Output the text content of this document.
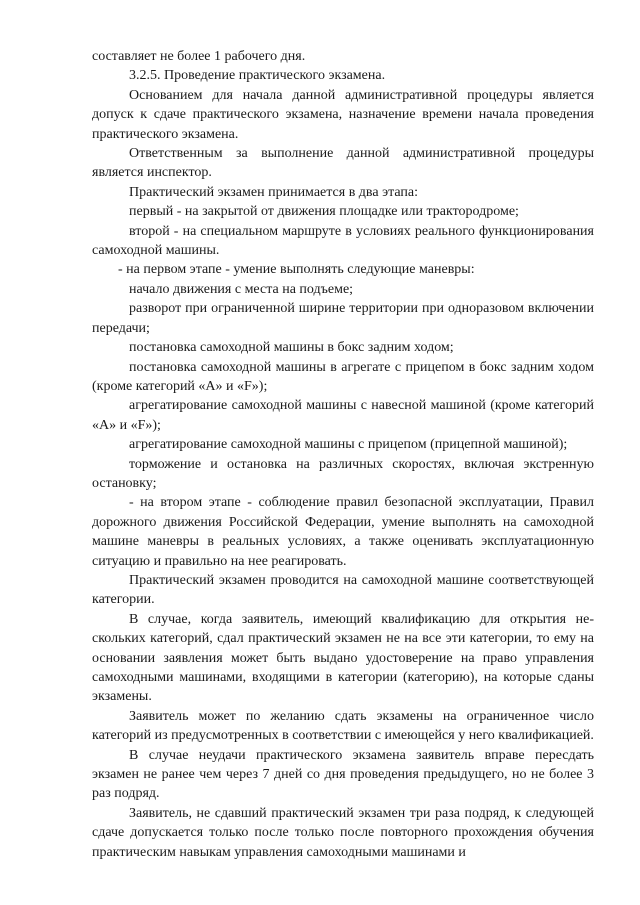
составляет не более 1 рабочего дня.

3.2.5. Проведение практического экзамена.

Основанием для начала данной административной процедуры является допуск к сдаче практического экзамена, назначение времени начала проведения практического экзамена.

Ответственным за выполнение данной административной процедуры является инспектор.

Практический экзамен принимается в два этапа:

первый - на закрытой от движения площадке или трактородроме;

второй - на специальном маршруте в условиях реального функционирования самоходной машины.

- на первом этапе - умение выполнять следующие маневры:

начало движения с места на подъеме;

разворот при ограниченной ширине территории при одноразовом включении передачи;

постановка самоходной машины в бокс задним ходом;

постановка самоходной машины в агрегате с прицепом в бокс задним ходом (кроме категорий «А» и «F»);

агрегатирование самоходной машины с навесной машиной (кроме категорий «А» и «F»);

агрегатирование самоходной машины с прицепом (прицепной машиной);

торможение и остановка на различных скоростях, включая экстренную остановку;

- на втором этапе - соблюдение правил безопасной эксплуатации, Правил дорожного движения Российской Федерации, умение выполнять на самоходной машине маневры в реальных условиях, а также оценивать эксплуатационную ситуацию и правильно на нее реагировать.

Практический экзамен проводится на самоходной машине соответствующей категории.

В случае, когда заявитель, имеющий квалификацию для открытия нескольких категорий, сдал практический экзамен не на все эти категории, то ему на основании заявления может быть выдано удостоверение на право управления самоходными машинами, входящими в категории (категорию), на которые сданы экзамены.

Заявитель может по желанию сдать экзамены на ограниченное число категорий из предусмотренных в соответствии с имеющейся у него квалификацией.

В случае неудачи практического экзамена заявитель вправе пересдать экзамен не ранее чем через 7 дней со дня проведения предыдущего, но не более 3 раз подряд.

Заявитель, не сдавший практический экзамен три раза подряд, к следующей сдаче допускается только после только после повторного прохождения обучения практическим навыкам управления самоходными машинами и
